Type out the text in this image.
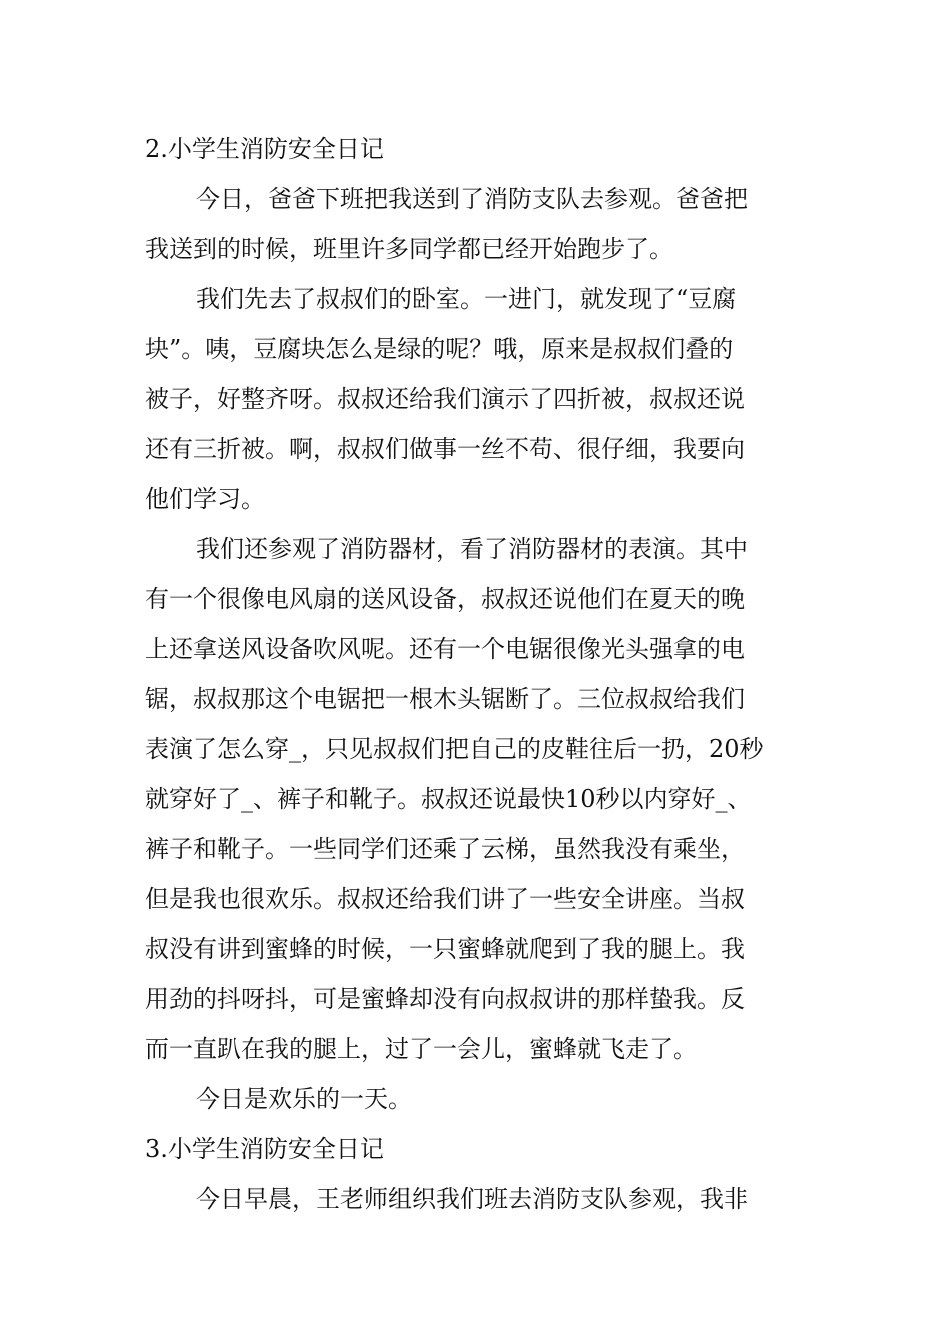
2.小学生消防安全日记
今日，爸爸下班把我送到了消防支队去参观。爸爸把
我送到的时候，班里许多同学都已经开始跑步了。
我们先去了叔叔们的卧室。一进门，就发现了“豆腐
块”。咦，豆腐块怎么是绿的呢？哦，原来是叔叔们叠的
被子，好整齐呀。叔叔还给我们演示了四折被，叔叔还说
还有三折被。啊，叔叔们做事一丝不苟、很仔细，我要向
他们学习。
我们还参观了消防器材，看了消防器材的表演。其中
有一个很像电风扇的送风设备，叔叔还说他们在夏天的晚
上还拿送风设备吹风呢。还有一个电锯很像光头强拿的电
锯，叔叔那这个电锯把一根木头锯断了。三位叔叔给我们
表演了怎么穿_，只见叔叔们把自己的皮鞋往后一扔，20秒
就穿好了_、裤子和靴子。叔叔还说最快10秒以内穿好_、
裤子和靴子。一些同学们还乘了云梯，虽然我没有乘坐，
但是我也很欢乐。叔叔还给我们讲了一些安全讲座。当叔
叔没有讲到蜜蜂的时候，一只蜜蜂就爬到了我的腿上。我
用劲的抖呀抖，可是蜜蜂却没有向叔叔讲的那样蛰我。反
而一直趴在我的腿上，过了一会儿，蜜蜂就飞走了。
今日是欢乐的一天。
3.小学生消防安全日记
今日早晨，王老师组织我们班去消防支队参观，我非
